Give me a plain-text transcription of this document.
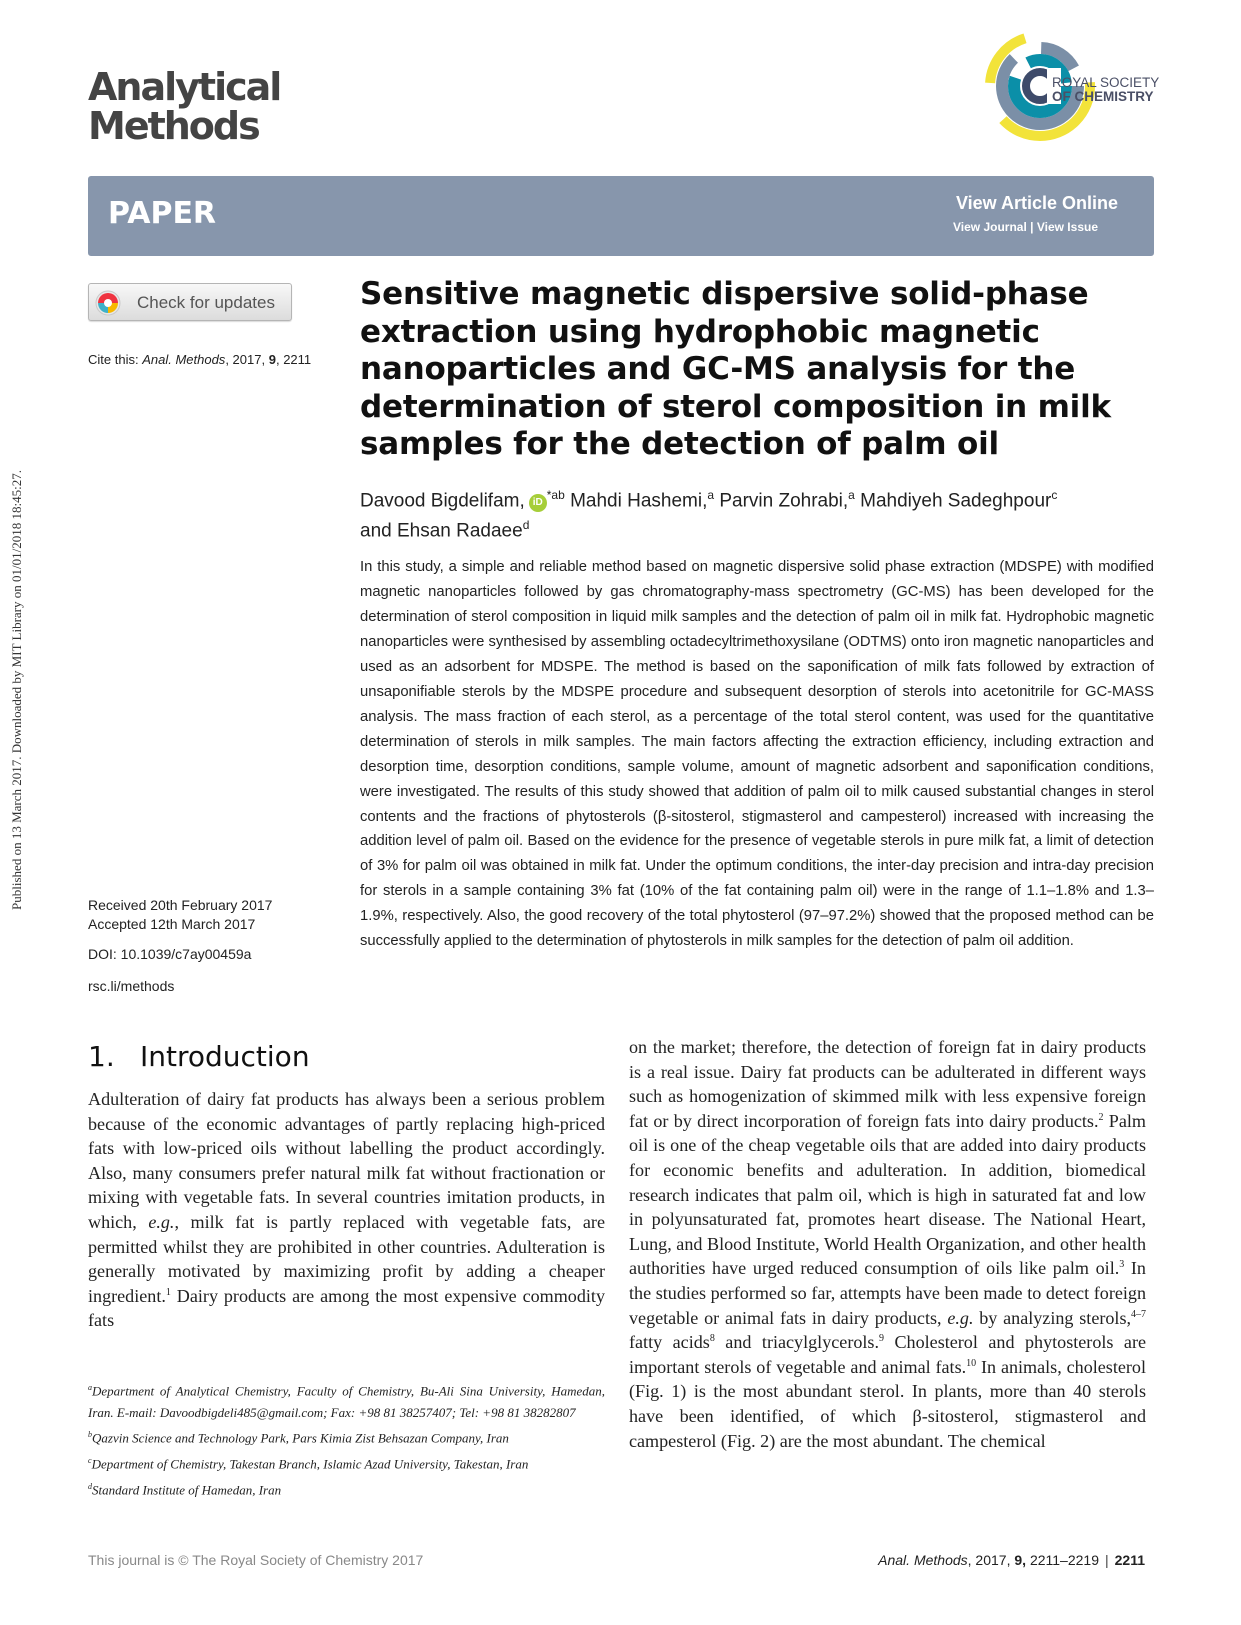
Published on 13 March 2017. Downloaded by MIT Library on 01/01/2018 18:45:27.
Analytical
Methods
ROYAL SOCIETY
OF CHEMISTRY
PAPER	View Article Online
View Journal | View Issue
Check for updates
Cite this: Anal. Methods, 2017, 9, 2211
Sensitive magnetic dispersive solid-phase extraction using hydrophobic magnetic nanoparticles and GC-MS analysis for the determination of sterol composition in milk samples for the detection of palm oil
Davood Bigdelifam, $iD^{*ab}$ Mahdi Hashemi,$^a$ Parvin Zohrabi,$^a$ Mahdiyeh Sadeghpour$^c$
and Ehsan Radaee$^d$
In this study, a simple and reliable method based on magnetic dispersive solid phase extraction (MDSPE) with modified magnetic nanoparticles followed by gas chromatography-mass spectrometry (GC-MS) has been developed for the determination of sterol composition in liquid milk samples and the detection of palm oil in milk fat. Hydrophobic magnetic nanoparticles were synthesised by assembling octadecyltrimethoxysilane (ODTMS) onto iron magnetic nanoparticles and used as an adsorbent for MDSPE. The method is based on the saponification of milk fats followed by extraction of unsaponifiable sterols by the MDSPE procedure and subsequent desorption of sterols into acetonitrile for GC-MASS analysis. The mass fraction of each sterol, as a percentage of the total sterol content, was used for the quantitative determination of sterols in milk samples. The main factors affecting the extraction efficiency, including extraction and desorption time, desorption conditions, sample volume, amount of magnetic adsorbent and saponification conditions, were investigated. The results of this study showed that addition of palm oil to milk caused substantial changes in sterol contents and the fractions of phytosterols (β-sitosterol, stigmasterol and campesterol) increased with increasing the addition level of palm oil. Based on the evidence for the presence of vegetable sterols in pure milk fat, a limit of detection of 3% for palm oil was obtained in milk fat. Under the optimum conditions, the inter-day precision and intra-day precision for sterols in a sample containing 3% fat (10% of the fat containing palm oil) were in the range of 1.1–1.8% and 1.3–1.9%, respectively. Also, the good recovery of the total phytosterol (97–97.2%) showed that the proposed method can be successfully applied to the determination of phytosterols in milk samples for the detection of palm oil addition.
Received 20th February 2017
Accepted 12th March 2017
DOI: 10.1039/c7ay00459a
rsc.li/methods
1. Introduction
Adulteration of dairy fat products has always been a serious problem because of the economic advantages of partly replacing high-priced fats with low-priced oils without labelling the product accordingly. Also, many consumers prefer natural milk fat without fractionation or mixing with vegetable fats. In several countries imitation products, in which, e.g., milk fat is partly replaced with vegetable fats, are permitted whilst they are prohibited in other countries. Adulteration is generally motivated by maximizing profit by adding a cheaper ingredient.$^1$ Dairy products are among the most expensive commodity fats
on the market; therefore, the detection of foreign fat in dairy products is a real issue. Dairy fat products can be adulterated in different ways such as homogenization of skimmed milk with less expensive foreign fat or by direct incorporation of foreign fats into dairy products.$^2$ Palm oil is one of the cheap vegetable oils that are added into dairy products for economic benefits and adulteration. In addition, biomedical research indicates that palm oil, which is high in saturated fat and low in polyunsaturated fat, promotes heart disease. The National Heart, Lung, and Blood Institute, World Health Organization, and other health authorities have urged reduced consumption of oils like palm oil.$^3$ In the studies performed so far, attempts have been made to detect foreign vegetable or animal fats in dairy products, e.g. by analyzing sterols,$^{4-7}$ fatty acids$^8$ and triacylglycerols.$^9$ Cholesterol and phytosterols are important sterols of vegetable and animal fats.$^{10}$ In animals, cholesterol (Fig. 1) is the most abundant sterol. In plants, more than 40 sterols have been identified, of which β-sitosterol, stigmasterol and campesterol (Fig. 2) are the most abundant. The chemical

$^a$Department of Analytical Chemistry, Faculty of Chemistry, Bu-Ali Sina University, Hamedan, Iran. E-mail: Davoodbigdeli485@gmail.com; Fax: +98 81 38257407; Tel: +98 81 38282807

$^b$Qazvin Science and Technology Park, Pars Kimia Zist Behsazan Company, Iran

$^c$Department of Chemistry, Takestan Branch, Islamic Azad University, Takestan, Iran

$^d$Standard Institute of Hamedan, Iran

This journal is © The Royal Society of Chemistry 2017	Anal. Methods, 2017, 9, 2211–2219 | 2211
